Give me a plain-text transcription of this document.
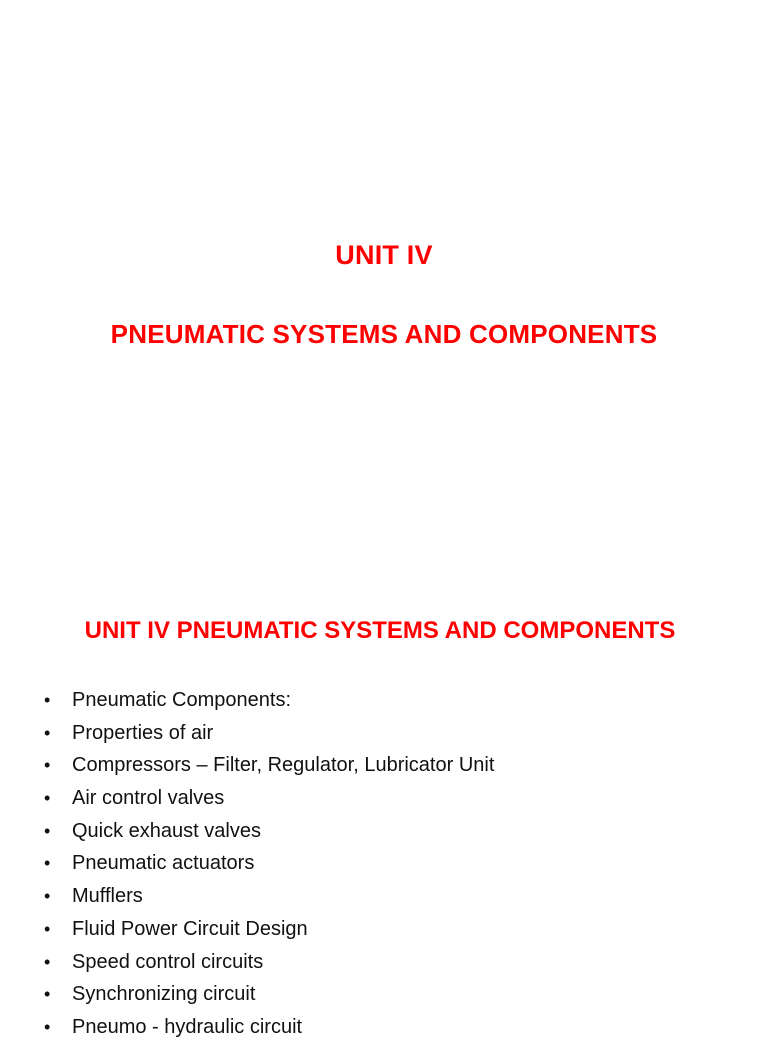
UNIT IV
PNEUMATIC SYSTEMS AND COMPONENTS
UNIT IV PNEUMATIC SYSTEMS AND COMPONENTS
• Pneumatic Components:
• Properties of air
• Compressors – Filter, Regulator, Lubricator Unit
• Air control valves
• Quick exhaust valves
• Pneumatic actuators
• Mufflers
• Fluid Power Circuit Design
• Speed control circuits
• Synchronizing circuit
• Pneumo - hydraulic circuit
